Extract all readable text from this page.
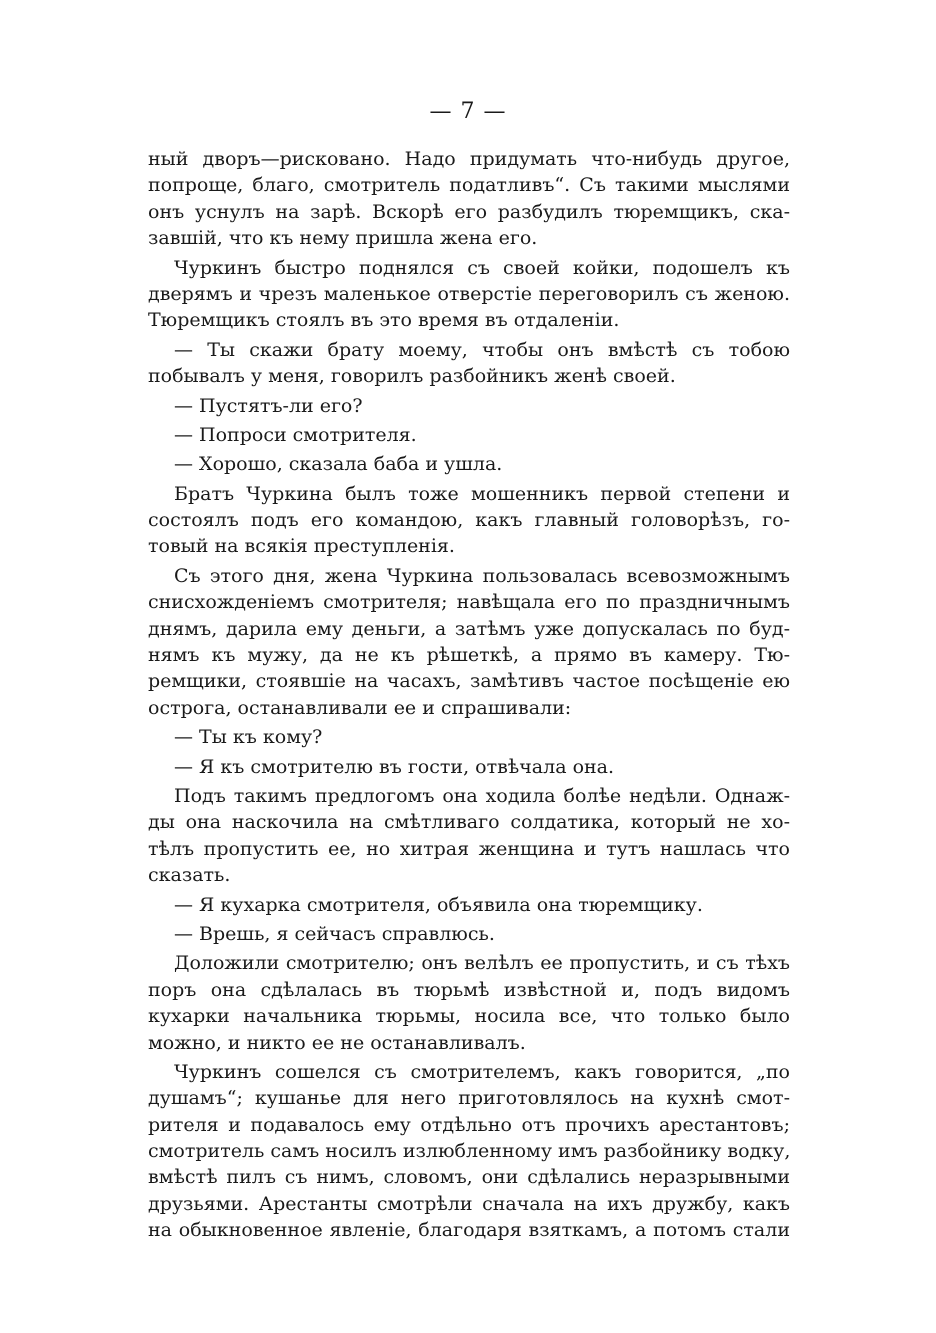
— 7 —
ный дворъ—рисковано. Надо придумать что-нибудь другое,
попроще, благо, смотритель податливъ“. Съ такими мыслями
онъ уснулъ на зарѣ. Вскорѣ его разбудилъ тюремщикъ, ска-
завшій, что къ нему пришла жена его.
Чуркинъ быстро поднялся съ своей койки, подошелъ къ
дверямъ и чрезъ маленькое отверстіе переговорилъ съ женою.
Тюремщикъ стоялъ въ это время въ отдаленіи.
— Ты скажи брату моему, чтобы онъ вмѣстѣ съ тобою
побывалъ у меня, говорилъ разбойникъ женѣ своей.
— Пустятъ-ли его?
— Попроси смотрителя.
— Хорошо, сказала баба и ушла.
Братъ Чуркина былъ тоже мошенникъ первой степени и
состоялъ подъ его командою, какъ главный головорѣзъ, го-
товый на всякія преступленія.
Съ этого дня, жена Чуркина пользовалась всевозможнымъ
снисхожденіемъ смотрителя; навѣщала его по праздничнымъ
днямъ, дарила ему деньги, а затѣмъ уже допускалась по буд-
нямъ къ мужу, да не къ рѣшеткѣ, а прямо въ камеру. Тю-
ремщики, стоявшіе на часахъ, замѣтивъ частое посѣщеніе ею
острога, останавливали ее и спрашивали:
— Ты къ кому?
— Я къ смотрителю въ гости, отвѣчала она.
Подъ такимъ предлогомъ она ходила болѣе недѣли. Однаж-
ды она наскочила на смѣтливаго солдатика, который не хо-
тѣлъ пропустить ее, но хитрая женщина и тутъ нашлась что
сказать.
— Я кухарка смотрителя, объявила она тюремщику.
— Врешь, я сейчасъ справлюсь.
Доложили смотрителю; онъ велѣлъ ее пропустить, и съ тѣхъ
поръ она сдѣлалась въ тюрьмѣ извѣстной и, подъ видомъ
кухарки начальника тюрьмы, носила все, что только было
можно, и никто ее не останавливалъ.
Чуркинъ сошелся съ смотрителемъ, какъ говорится, „по
душамъ“; кушанье для него приготовлялось на кухнѣ смот-
рителя и подавалось ему отдѣльно отъ прочихъ арестантовъ;
смотритель самъ носилъ излюбленному имъ разбойнику водку,
вмѣстѣ пилъ съ нимъ, словомъ, они сдѣлались неразрывными
друзьями. Арестанты смотрѣли сначала на ихъ дружбу, какъ
на обыкновенное явленіе, благодаря взяткамъ, а потомъ стали
